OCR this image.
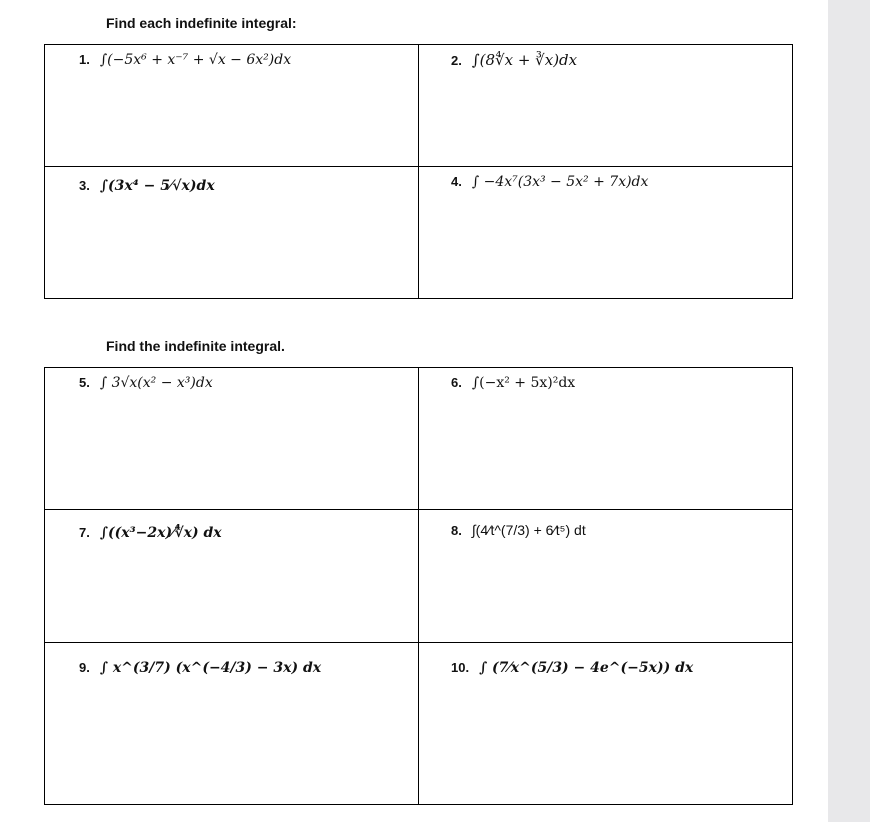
Find each indefinite integral:
1. ∫(−5x⁶ + x⁻⁷ + √x − 6x²)dx	2. ∫(8∜x + ∛x)dx

3. ∫(3x⁴ − 5⁄√x)dx	4. ∫ −4x⁷(3x³ − 5x² + 7x)dx
Find the indefinite integral.
5. ∫ 3√x(x² − x³)dx	6. ∫(−x² + 5x)²dx

7. ∫((x³−2x)⁄∜x) dx	8. ∫(4⁄t^(7/3) + 6⁄t⁵) dt

9. ∫ x^(3/7) (x^(−4/3) − 3x) dx	10. ∫ (7⁄x^(5/3) − 4e^(−5x)) dx
